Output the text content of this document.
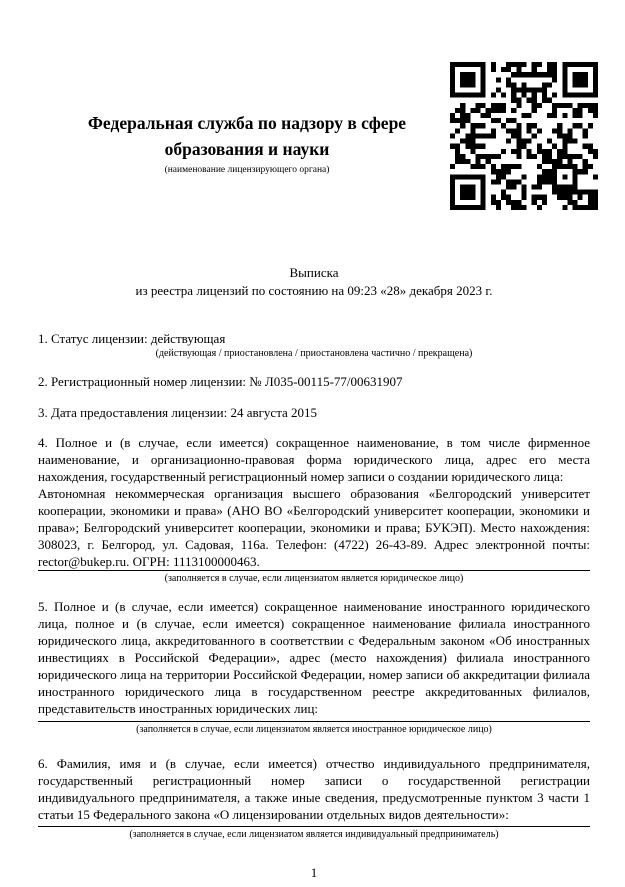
Федеральная служба по надзору в сфере образования и науки
(наименование лицензирующего органа)
Выписка
из реестра лицензий по состоянию на 09:23 «28» декабря 2023 г.
1. Статус лицензии: действующая
(действующая / приостановлена / приостановлена частично / прекращена)
2. Регистрационный номер лицензии: № Л035-00115-77/00631907
3. Дата предоставления лицензии: 24 августа 2015
4. Полное и (в случае, если имеется) сокращенное наименование, в том числе фирменное наименование, и организационно-правовая форма юридического лица, адрес его места нахождения, государственный регистрационный номер записи о создании юридического лица:
Автономная некоммерческая организация высшего образования «Белгородский университет кооперации, экономики и права» (АНО ВО «Белгородский университет кооперации, экономики и права»; Белгородский университет кооперации, экономики и права; БУКЭП). Место нахождения: 308023, г. Белгород, ул. Садовая, 116а. Телефон: (4722) 26-43-89. Адрес электронной почты: rector@bukep.ru. ОГРН: 1113100000463.
(заполняется в случае, если лицензиатом является юридическое лицо)
5. Полное и (в случае, если имеется) сокращенное наименование иностранного юридического лица, полное и (в случае, если имеется) сокращенное наименование филиала иностранного юридического лица, аккредитованного в соответствии с Федеральным законом «Об иностранных инвестициях в Российской Федерации», адрес (место нахождения) филиала иностранного юридического лица на территории Российской Федерации, номер записи об аккредитации филиала иностранного юридического лица в государственном реестре аккредитованных филиалов, представительств иностранных юридических лиц:
(заполняется в случае, если лицензиатом является иностранное юридическое лицо)
6. Фамилия, имя и (в случае, если имеется) отчество индивидуального предпринимателя, государственный регистрационный номер записи о государственной регистрации индивидуального предпринимателя, а также иные сведения, предусмотренные пунктом 3 части 1 статьи 15 Федерального закона «О лицензировании отдельных видов деятельности»:
(заполняется в случае, если лицензиатом является индивидуальный предприниматель)
1
